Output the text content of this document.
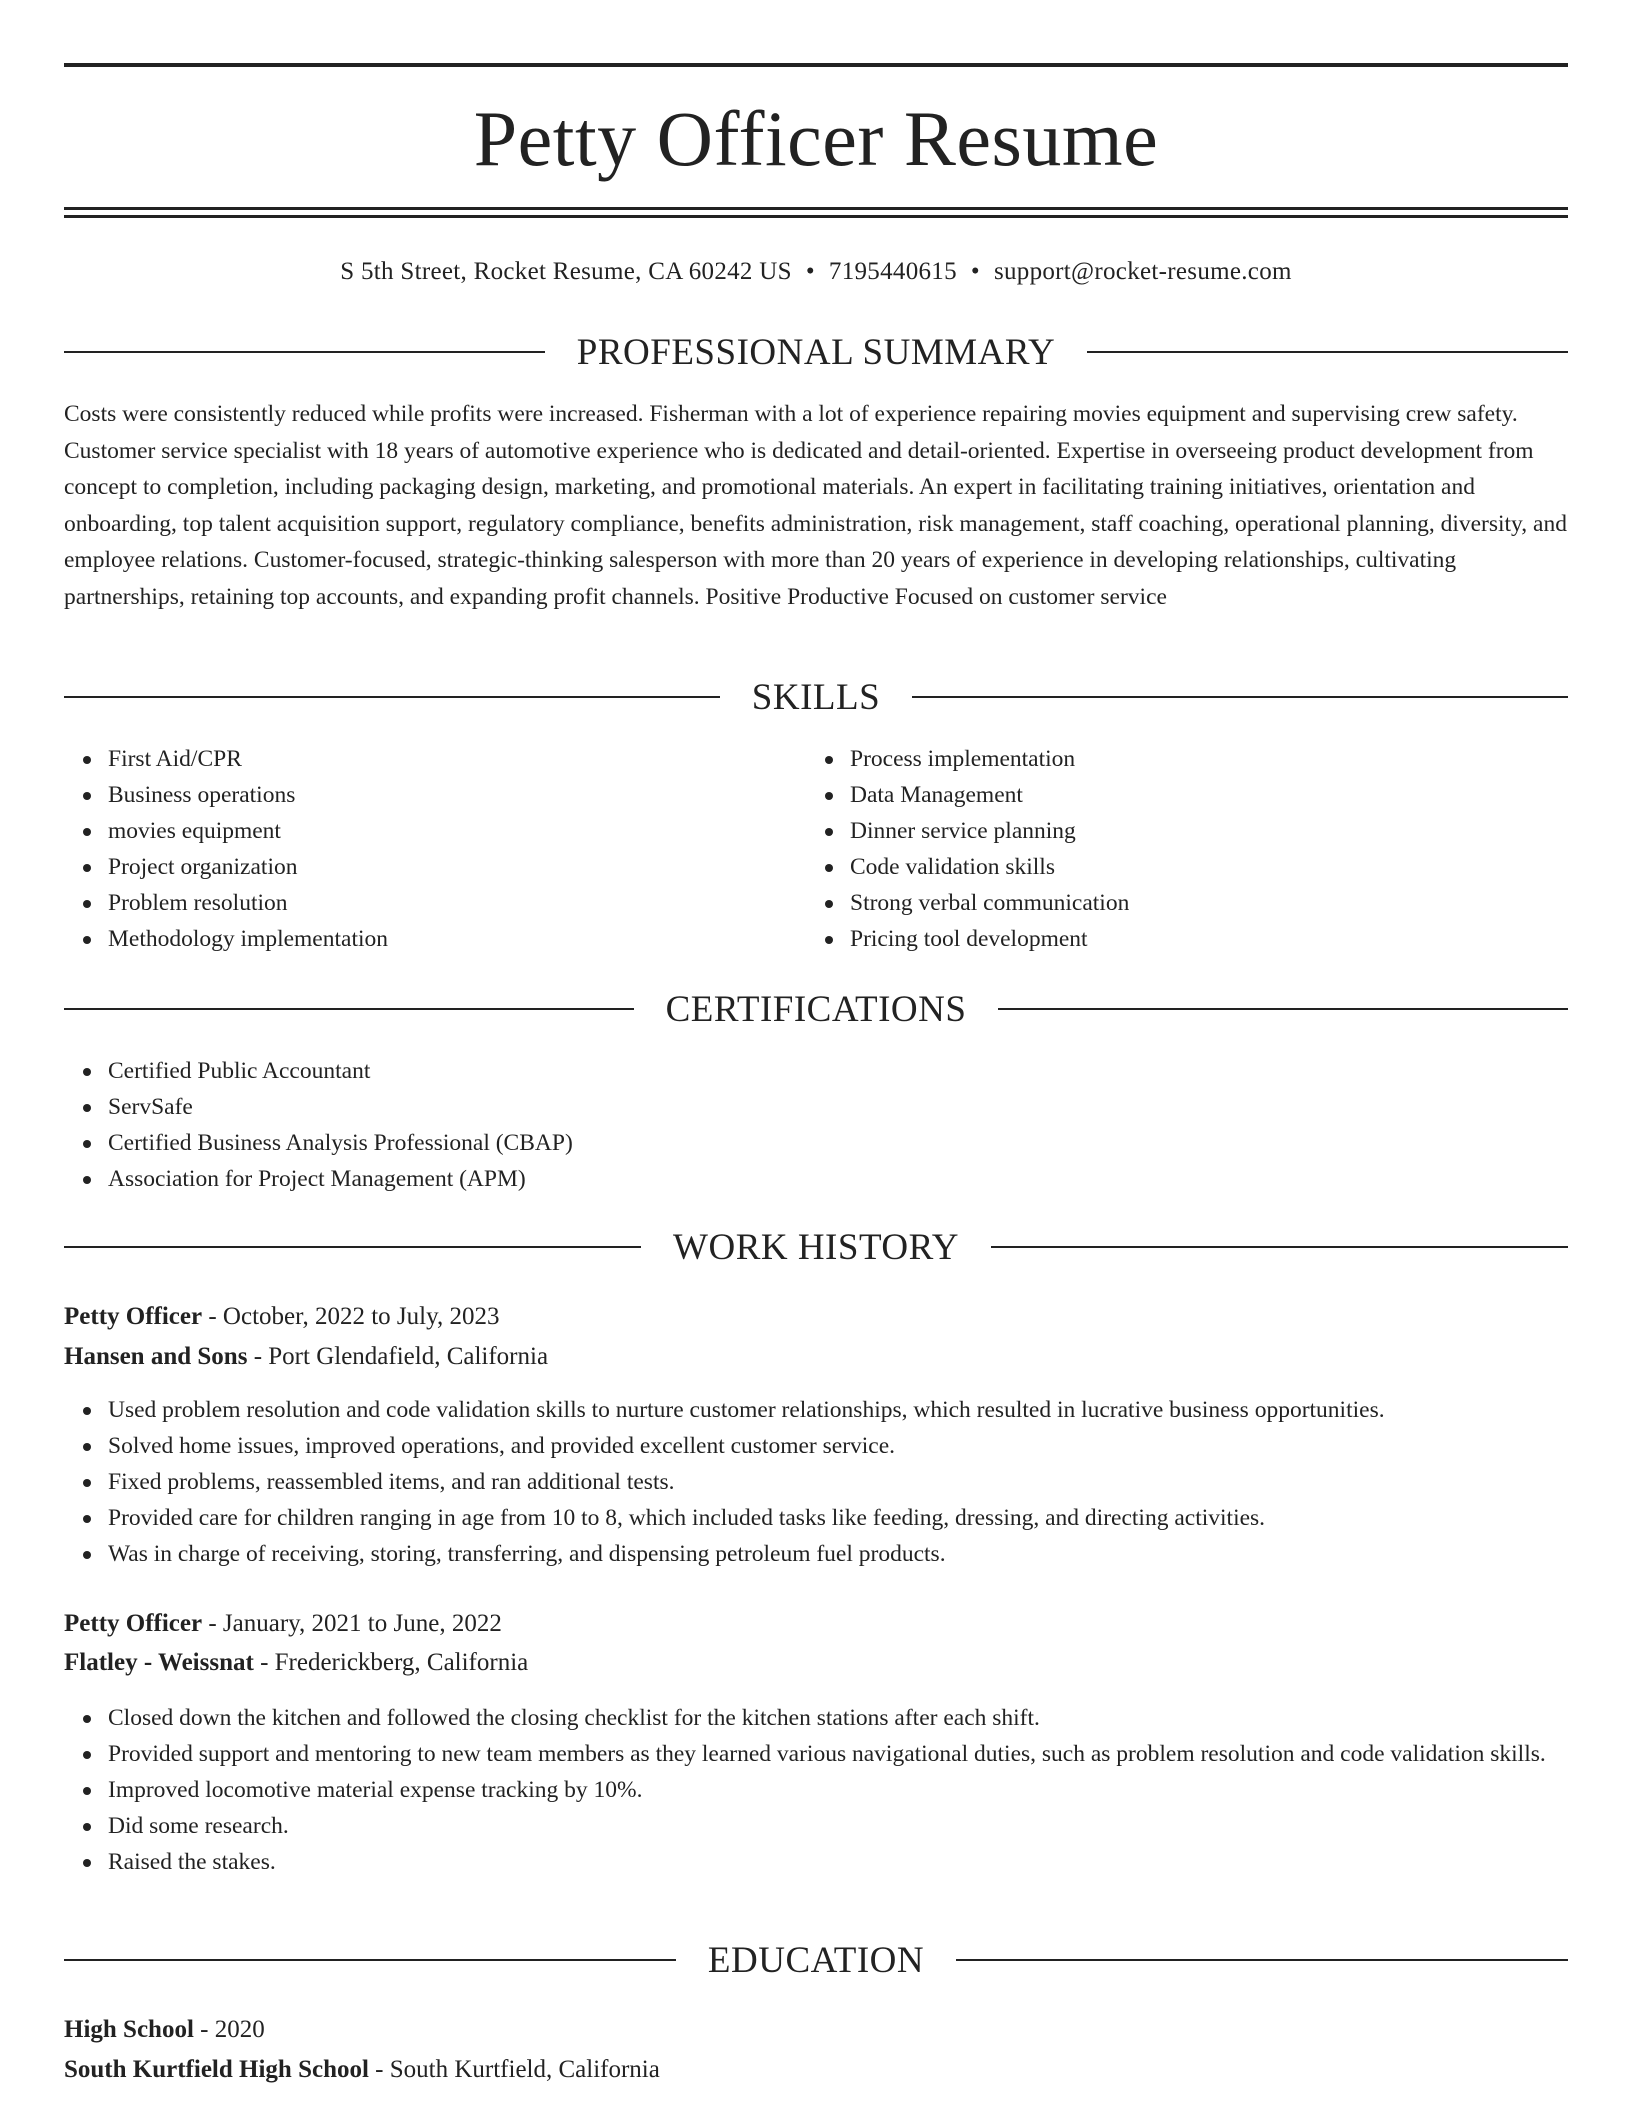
Petty Officer Resume
S 5th Street, Rocket Resume, CA 60242 US • 7195440615 • support@rocket-resume.com
PROFESSIONAL SUMMARY

Costs were consistently reduced while profits were increased. Fisherman with a lot of experience repairing movies equipment and supervising crew safety. Customer service specialist with 18 years of automotive experience who is dedicated and detail-oriented. Expertise in overseeing product development from concept to completion, including packaging design, marketing, and promotional materials. An expert in facilitating training initiatives, orientation and onboarding, top talent acquisition support, regulatory compliance, benefits administration, risk management, staff coaching, operational planning, diversity, and employee relations. Customer-focused, strategic-thinking salesperson with more than 20 years of experience in developing relationships, cultivating partnerships, retaining top accounts, and expanding profit channels. Positive Productive Focused on customer service

SKILLS
First Aid/CPR
Business operations
movies equipment
Project organization
Problem resolution
Methodology implementation
Process implementation
Data Management
Dinner service planning
Code validation skills
Strong verbal communication
Pricing tool development
CERTIFICATIONS
Certified Public Accountant
ServSafe
Certified Business Analysis Professional (CBAP)
Association for Project Management (APM)
WORK HISTORY
Petty Officer - October, 2022 to July, 2023
Hansen and Sons - Port Glendafield, California
Used problem resolution and code validation skills to nurture customer relationships, which resulted in lucrative business opportunities.
Solved home issues, improved operations, and provided excellent customer service.
Fixed problems, reassembled items, and ran additional tests.
Provided care for children ranging in age from 10 to 8, which included tasks like feeding, dressing, and directing activities.
Was in charge of receiving, storing, transferring, and dispensing petroleum fuel products.
Petty Officer - January, 2021 to June, 2022
Flatley - Weissnat - Frederickberg, California
Closed down the kitchen and followed the closing checklist for the kitchen stations after each shift.
Provided support and mentoring to new team members as they learned various navigational duties, such as problem resolution and code validation skills.
Improved locomotive material expense tracking by 10%.
Did some research.
Raised the stakes.
EDUCATION
High School - 2020
South Kurtfield High School - South Kurtfield, California
